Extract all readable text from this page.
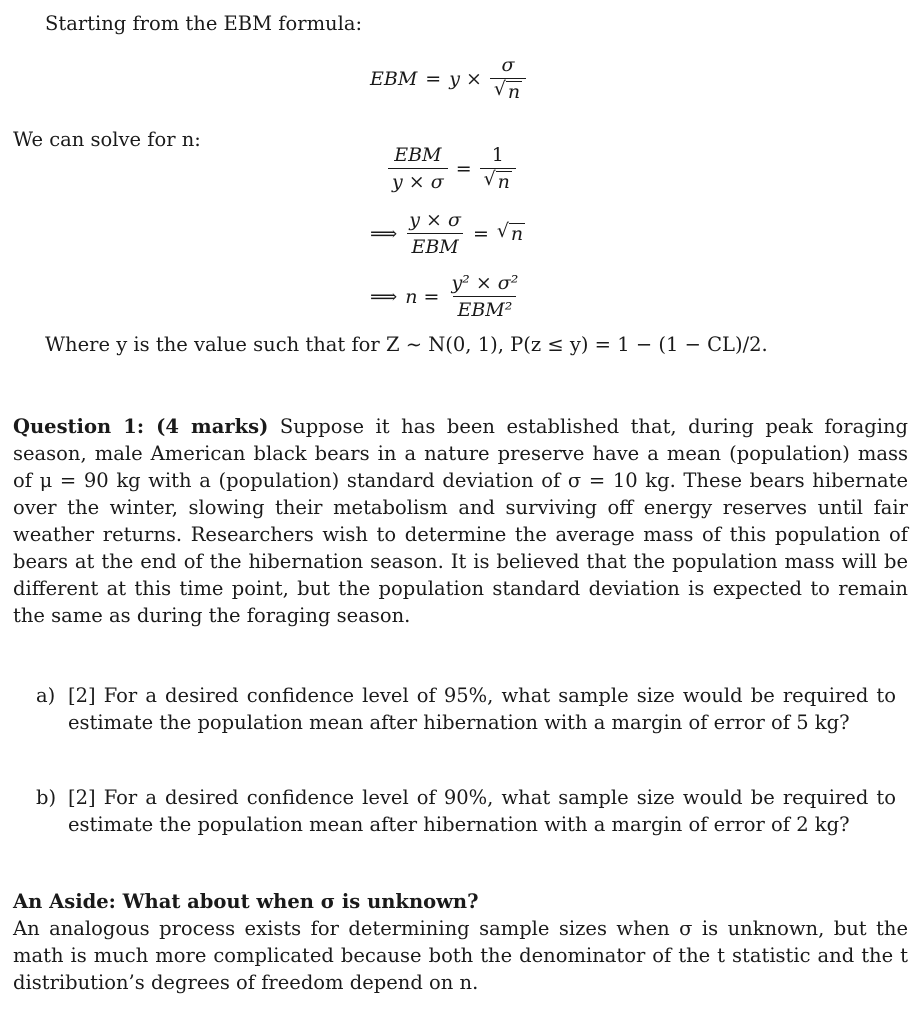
Starting from the EBM formula:
EBM = $y \times \frac{\sigma}{√ n}$
We can solve for n:
$\frac{\text{EBM}}{y \times \sigma} = \frac{1}{√ n}$
⟹ $\frac{y \times \sigma}{\text{EBM}}$ = √ n
⟹ $n = \frac{\text{y² × σ²}}{\text{EBM²}}$
Where y is the value such that for Z ∼ N(0, 1), P(z ≤ y) = 1 − (1 − CL)/2.
Question 1: (4 marks) Suppose it has been established that, during peak foraging season, male American black bears in a nature preserve have a mean (population) mass of μ = 90 kg with a (population) standard deviation of σ = 10 kg. These bears hibernate over the winter, slowing their metabolism and surviving off energy reserves until fair weather returns. Researchers wish to determine the average mass of this population of bears at the end of the hibernation season. It is believed that the population mass will be different at this time point, but the population standard deviation is expected to remain the same as during the foraging season.
a) [2] For a desired confidence level of 95%, what sample size would be required to estimate the population mean after hibernation with a margin of error of 5 kg?
b) [2] For a desired confidence level of 90%, what sample size would be required to estimate the population mean after hibernation with a margin of error of 2 kg?
An Aside: What about when σ is unknown?
An analogous process exists for determining sample sizes when σ is unknown, but the math is much more complicated because both the denominator of the t statistic and the t distribution’s degrees of freedom depend on n.
